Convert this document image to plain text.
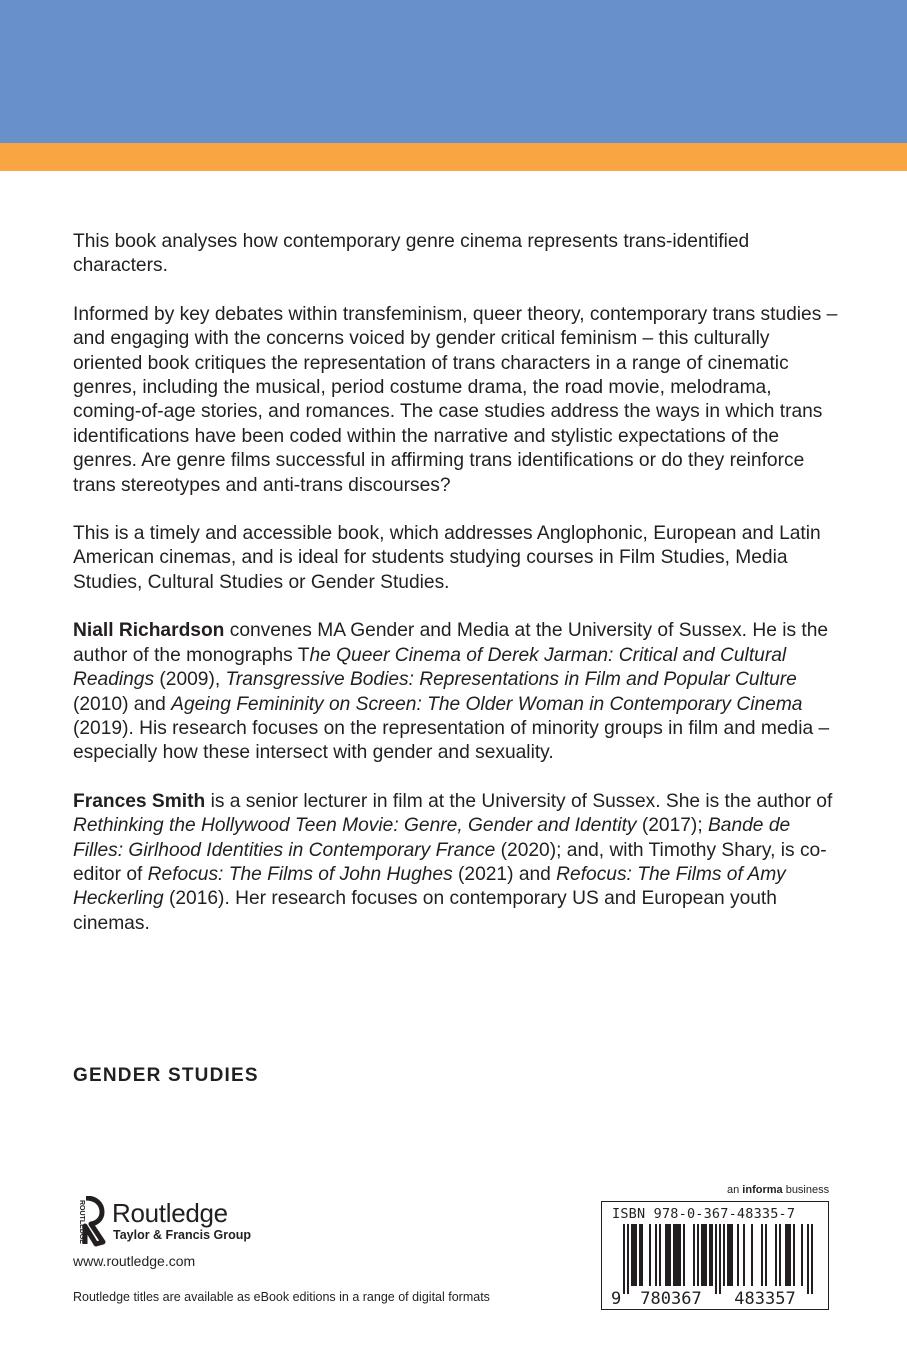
This book analyses how contemporary genre cinema represents trans-identified characters.

Informed by key debates within transfeminism, queer theory, contemporary trans studies – and engaging with the concerns voiced by gender critical feminism – this culturally oriented book critiques the representation of trans characters in a range of cinematic genres, including the musical, period costume drama, the road movie, melodrama, coming-of-age stories, and romances. The case studies address the ways in which trans identifications have been coded within the narrative and stylistic expectations of the genres. Are genre films successful in affirming trans identifications or do they reinforce trans stereotypes and anti-trans discourses?

This is a timely and accessible book, which addresses Anglophonic, European and Latin American cinemas, and is ideal for students studying courses in Film Studies, Media Studies, Cultural Studies or Gender Studies.

Niall Richardson convenes MA Gender and Media at the University of Sussex. He is the author of the monographs The Queer Cinema of Derek Jarman: Critical and Cultural Readings (2009), Transgressive Bodies: Representations in Film and Popular Culture (2010) and Ageing Femininity on Screen: The Older Woman in Contemporary Cinema (2019). His research focuses on the representation of minority groups in film and media – especially how these intersect with gender and sexuality.

Frances Smith is a senior lecturer in film at the University of Sussex. She is the author of Rethinking the Hollywood Teen Movie: Genre, Gender and Identity (2017); Bande de Filles: Girlhood Identities in Contemporary France (2020); and, with Timothy Shary, is co-editor of Refocus: The Films of John Hughes (2021) and Refocus: The Films of Amy Heckerling (2016). Her research focuses on contemporary US and European youth cinemas.

GENDER STUDIES
ROUTLEDGE Routledge
Taylor & Francis Group
www.routledge.com
Routledge titles are available as eBook editions in a range of digital formats
an informa business
ISBN 978-0-367-48335-7
9 780367 483357
